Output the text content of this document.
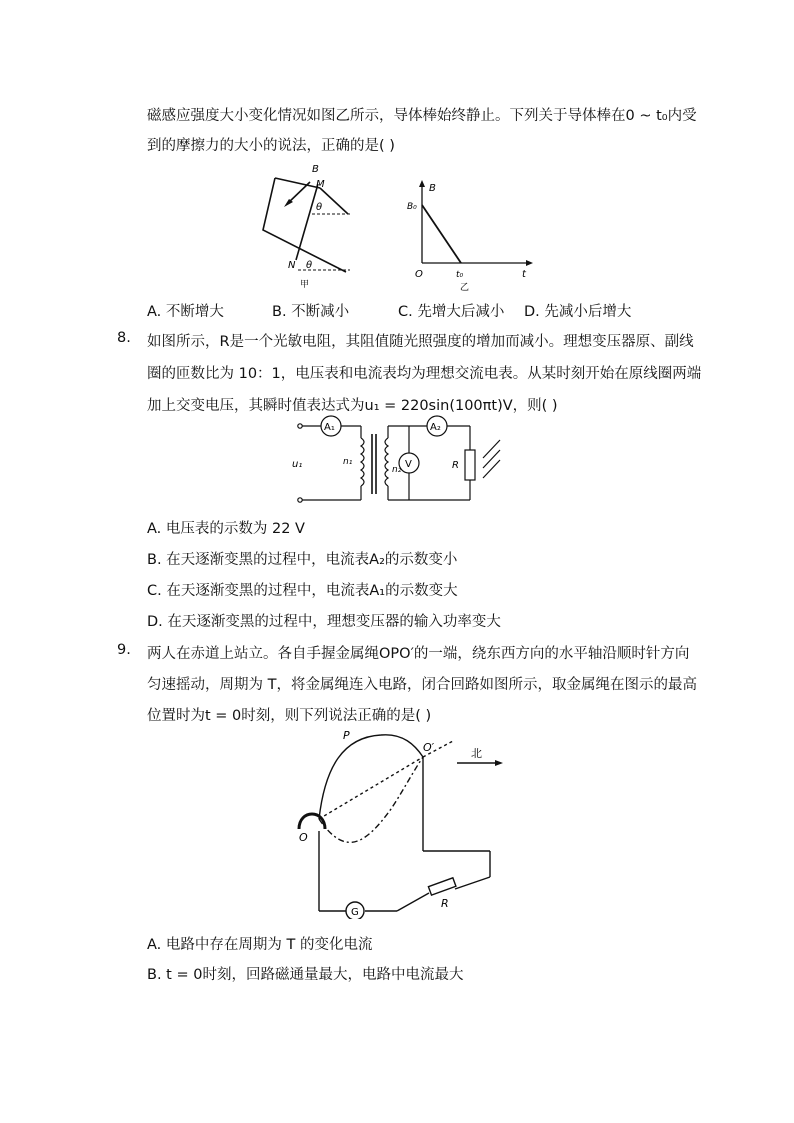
磁感应强度大小变化情况如图乙所示，导体棒始终静止。下列关于导体棒在0 ~ t₀内受
到的摩擦力的大小的说法，正确的是( )
B
M
θ
N θ
甲
B
B₀
O	t₀	t
乙
A. 不断增大	B. 不断减小	C. 先增大后减小 D. 先减小后增大
8. 如图所示，R是一个光敏电阻，其阻值随光照强度的增加而减小。理想变压器原、副线
圈的匝数比为 10：1，电压表和电流表均为理想交流电表。从某时刻开始在原线圈两端
加上交变电压，其瞬时值表达式为u₁ = 220sin(100πt)V，则( )
A₁	A₂
V
u₁	n₁
n₂	R
A. 电压表的示数为 22 V
B. 在天逐渐变黑的过程中，电流表A₂的示数变小
C. 在天逐渐变黑的过程中，电流表A₁的示数变大
D. 在天逐渐变黑的过程中，理想变压器的输入功率变大
9. 两人在赤道上站立。各自手握金属绳OPO′的一端，绕东西方向的水平轴沿顺时针方向
匀速摇动，周期为 T，将金属绳连入电路，闭合回路如图所示，取金属绳在图示的最高
位置时为t = 0时刻，则下列说法正确的是( )
P
O′
O
北
G
R
A. 电路中存在周期为 T 的变化电流
B. t = 0时刻，回路磁通量最大，电路中电流最大
